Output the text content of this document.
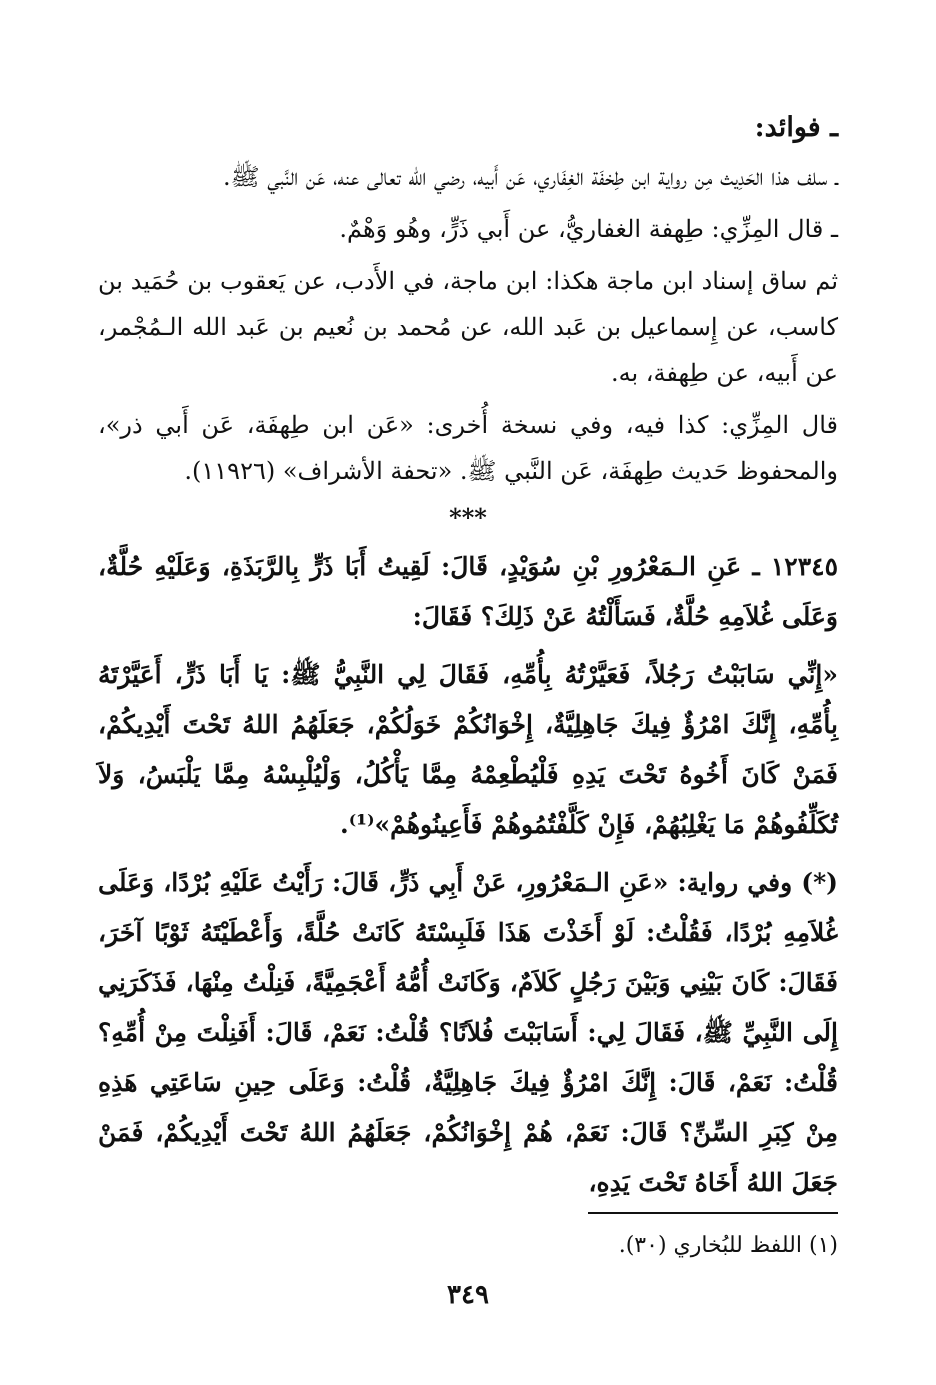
ـ فوائد:

ـ سلف هذا الحَدِيث مِن رواية ابن طِخفَة الغِفَاري، عَن أَبيه، رضي الله تعالى عنه، عَن النَّبي ﷺ.

ـ قال المِزِّي: طِهفة الغفاريُّ، عن أَبي ذَرٍّ، وهُو وَهْمٌ.

ثم ساق إسناد ابن ماجة هكذا: ابن ماجة، في الأَدب، عن يَعقوب بن حُمَيد بن كاسب، عن إِسماعيل بن عَبد الله، عن مُحمد بن نُعيم بن عَبد الله الـمُجْمر، عن أَبيه، عن طِهفة، به.

قال المِزِّي: كذا فيه، وفي نسخة أُخرى: «عَن ابن طِهفَة، عَن أَبي ذر»، والمحفوظ حَديث طِهفَة، عَن النَّبي ﷺ. «تحفة الأشراف» (١١٩٢٦).

***

١٢٣٤٥ ـ عَنِ الـمَعْرُورِ بْنِ سُوَيْدٍ، قَالَ: لَقِيتُ أَبَا ذَرٍّ بِالرَّبَذَةِ، وَعَلَيْهِ حُلَّةٌ، وَعَلَى غُلاَمِهِ حُلَّةٌ، فَسَأَلْتُهُ عَنْ ذَلِكَ؟ فَقَالَ:

«إِنِّي سَابَبْتُ رَجُلاً، فَعَيَّرْتُهُ بِأُمِّهِ، فَقَالَ لِي النَّبِيُّ ﷺ: يَا أَبَا ذَرٍّ، أَعَيَّرْتَهُ بِأُمِّهِ، إِنَّكَ امْرُؤٌ فِيكَ جَاهِلِيَّةٌ، إِخْوَانُكُمْ خَوَلُكُمْ، جَعَلَهُمُ اللهُ تَحْتَ أَيْدِيكُمْ، فَمَنْ كَانَ أَخُوهُ تَحْتَ يَدِهِ فَلْيُطْعِمْهُ مِمَّا يَأْكُلُ، وَلْيُلْبِسْهُ مِمَّا يَلْبَسُ، وَلاَ تُكَلِّفُوهُمْ مَا يَغْلِبُهُمْ، فَإِنْ كَلَّفْتُمُوهُمْ فَأَعِينُوهُمْ»⁽¹⁾.

(*) وفي رواية: «عَنِ الـمَعْرُورِ، عَنْ أَبِي ذَرٍّ، قَالَ: رَأَيْتُ عَلَيْهِ بُرْدًا، وَعَلَى غُلاَمِهِ بُرْدًا، فَقُلْتُ: لَوْ أَخَذْتَ هَذَا فَلَبِسْتَهُ كَانَتْ حُلَّةً، وَأَعْطَيْتَهُ ثَوْبًا آخَرَ، فَقَالَ: كَانَ بَيْنِي وَبَيْنَ رَجُلٍ كَلاَمٌ، وَكَانَتْ أُمُّهُ أَعْجَمِيَّةً، فَنِلْتُ مِنْهَا، فَذَكَرَنِي إِلَى النَّبِيِّ ﷺ، فَقَالَ لِي: أَسَابَبْتَ فُلاَنًا؟ قُلْتُ: نَعَمْ، قَالَ: أَفَنِلْتَ مِنْ أُمِّهِ؟ قُلْتُ: نَعَمْ، قَالَ: إِنَّكَ امْرُؤٌ فِيكَ جَاهِلِيَّةٌ، قُلْتُ: وَعَلَى حِينِ سَاعَتِي هَذِهِ مِنْ كِبَرِ السِّنِّ؟ قَالَ: نَعَمْ، هُمْ إِخْوَانُكُمْ، جَعَلَهُمُ اللهُ تَحْتَ أَيْدِيكُمْ، فَمَنْ جَعَلَ اللهُ أَخَاهُ تَحْتَ يَدِهِ،

(١) اللفظ للبُخاري (٣٠).
٣٤٩
